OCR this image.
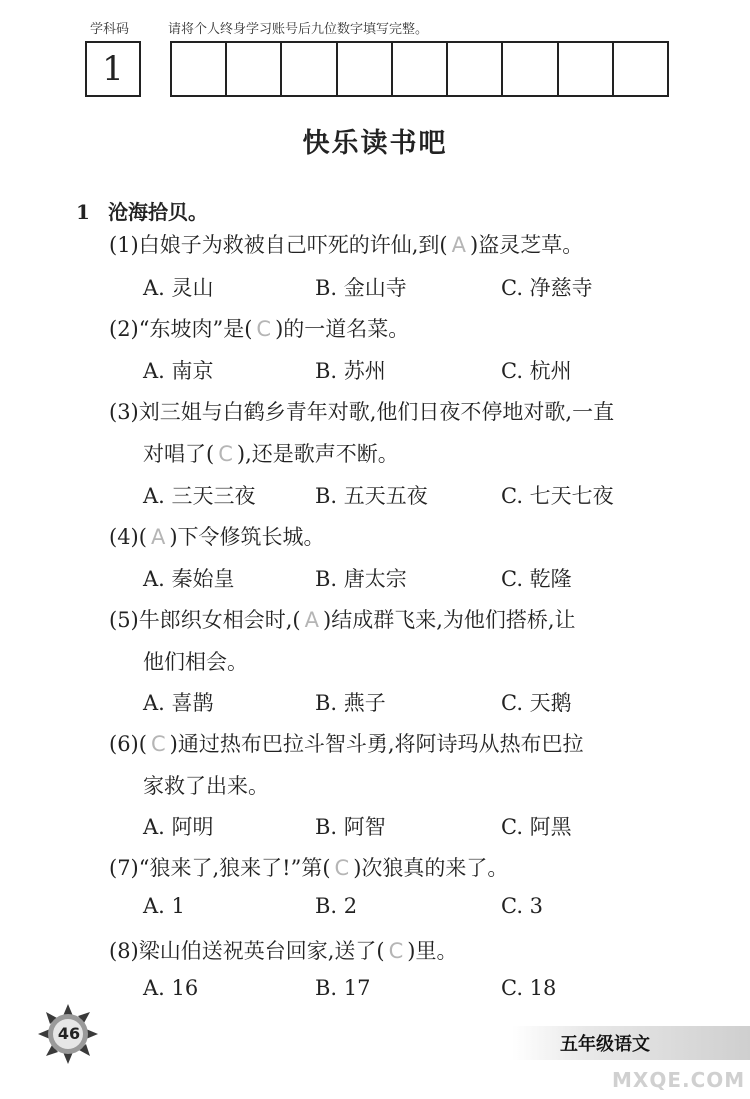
学科码	请将个人终身学习账号后九位数字填写完整。
1
快乐读书吧
1 沧海拾贝。
(1)白娘子为救被自己吓死的许仙,到( A )盗灵芝草。
A. 灵山	B. 金山寺	C. 净慈寺
(2)“东坡肉”是( C )的一道名菜。
A. 南京	B. 苏州	C. 杭州
(3)刘三姐与白鹤乡青年对歌,他们日夜不停地对歌,一直
对唱了( C ),还是歌声不断。
A. 三天三夜	B. 五天五夜	C. 七天七夜
(4)( A )下令修筑长城。
A. 秦始皇	B. 唐太宗	C. 乾隆
(5)牛郎织女相会时,( A )结成群飞来,为他们搭桥,让
他们相会。
A. 喜鹊	B. 燕子	C. 天鹅
(6)( C )通过热布巴拉斗智斗勇,将阿诗玛从热布巴拉
家救了出来。
A. 阿明	B. 阿智	C. 阿黑
(7)“狼来了,狼来了!”第( C )次狼真的来了。
A. 1	B. 2	C. 3
(8)梁山伯送祝英台回家,送了( C )里。
A. 16	B. 17	C. 18
46
五年级语文
MXQE.COM
